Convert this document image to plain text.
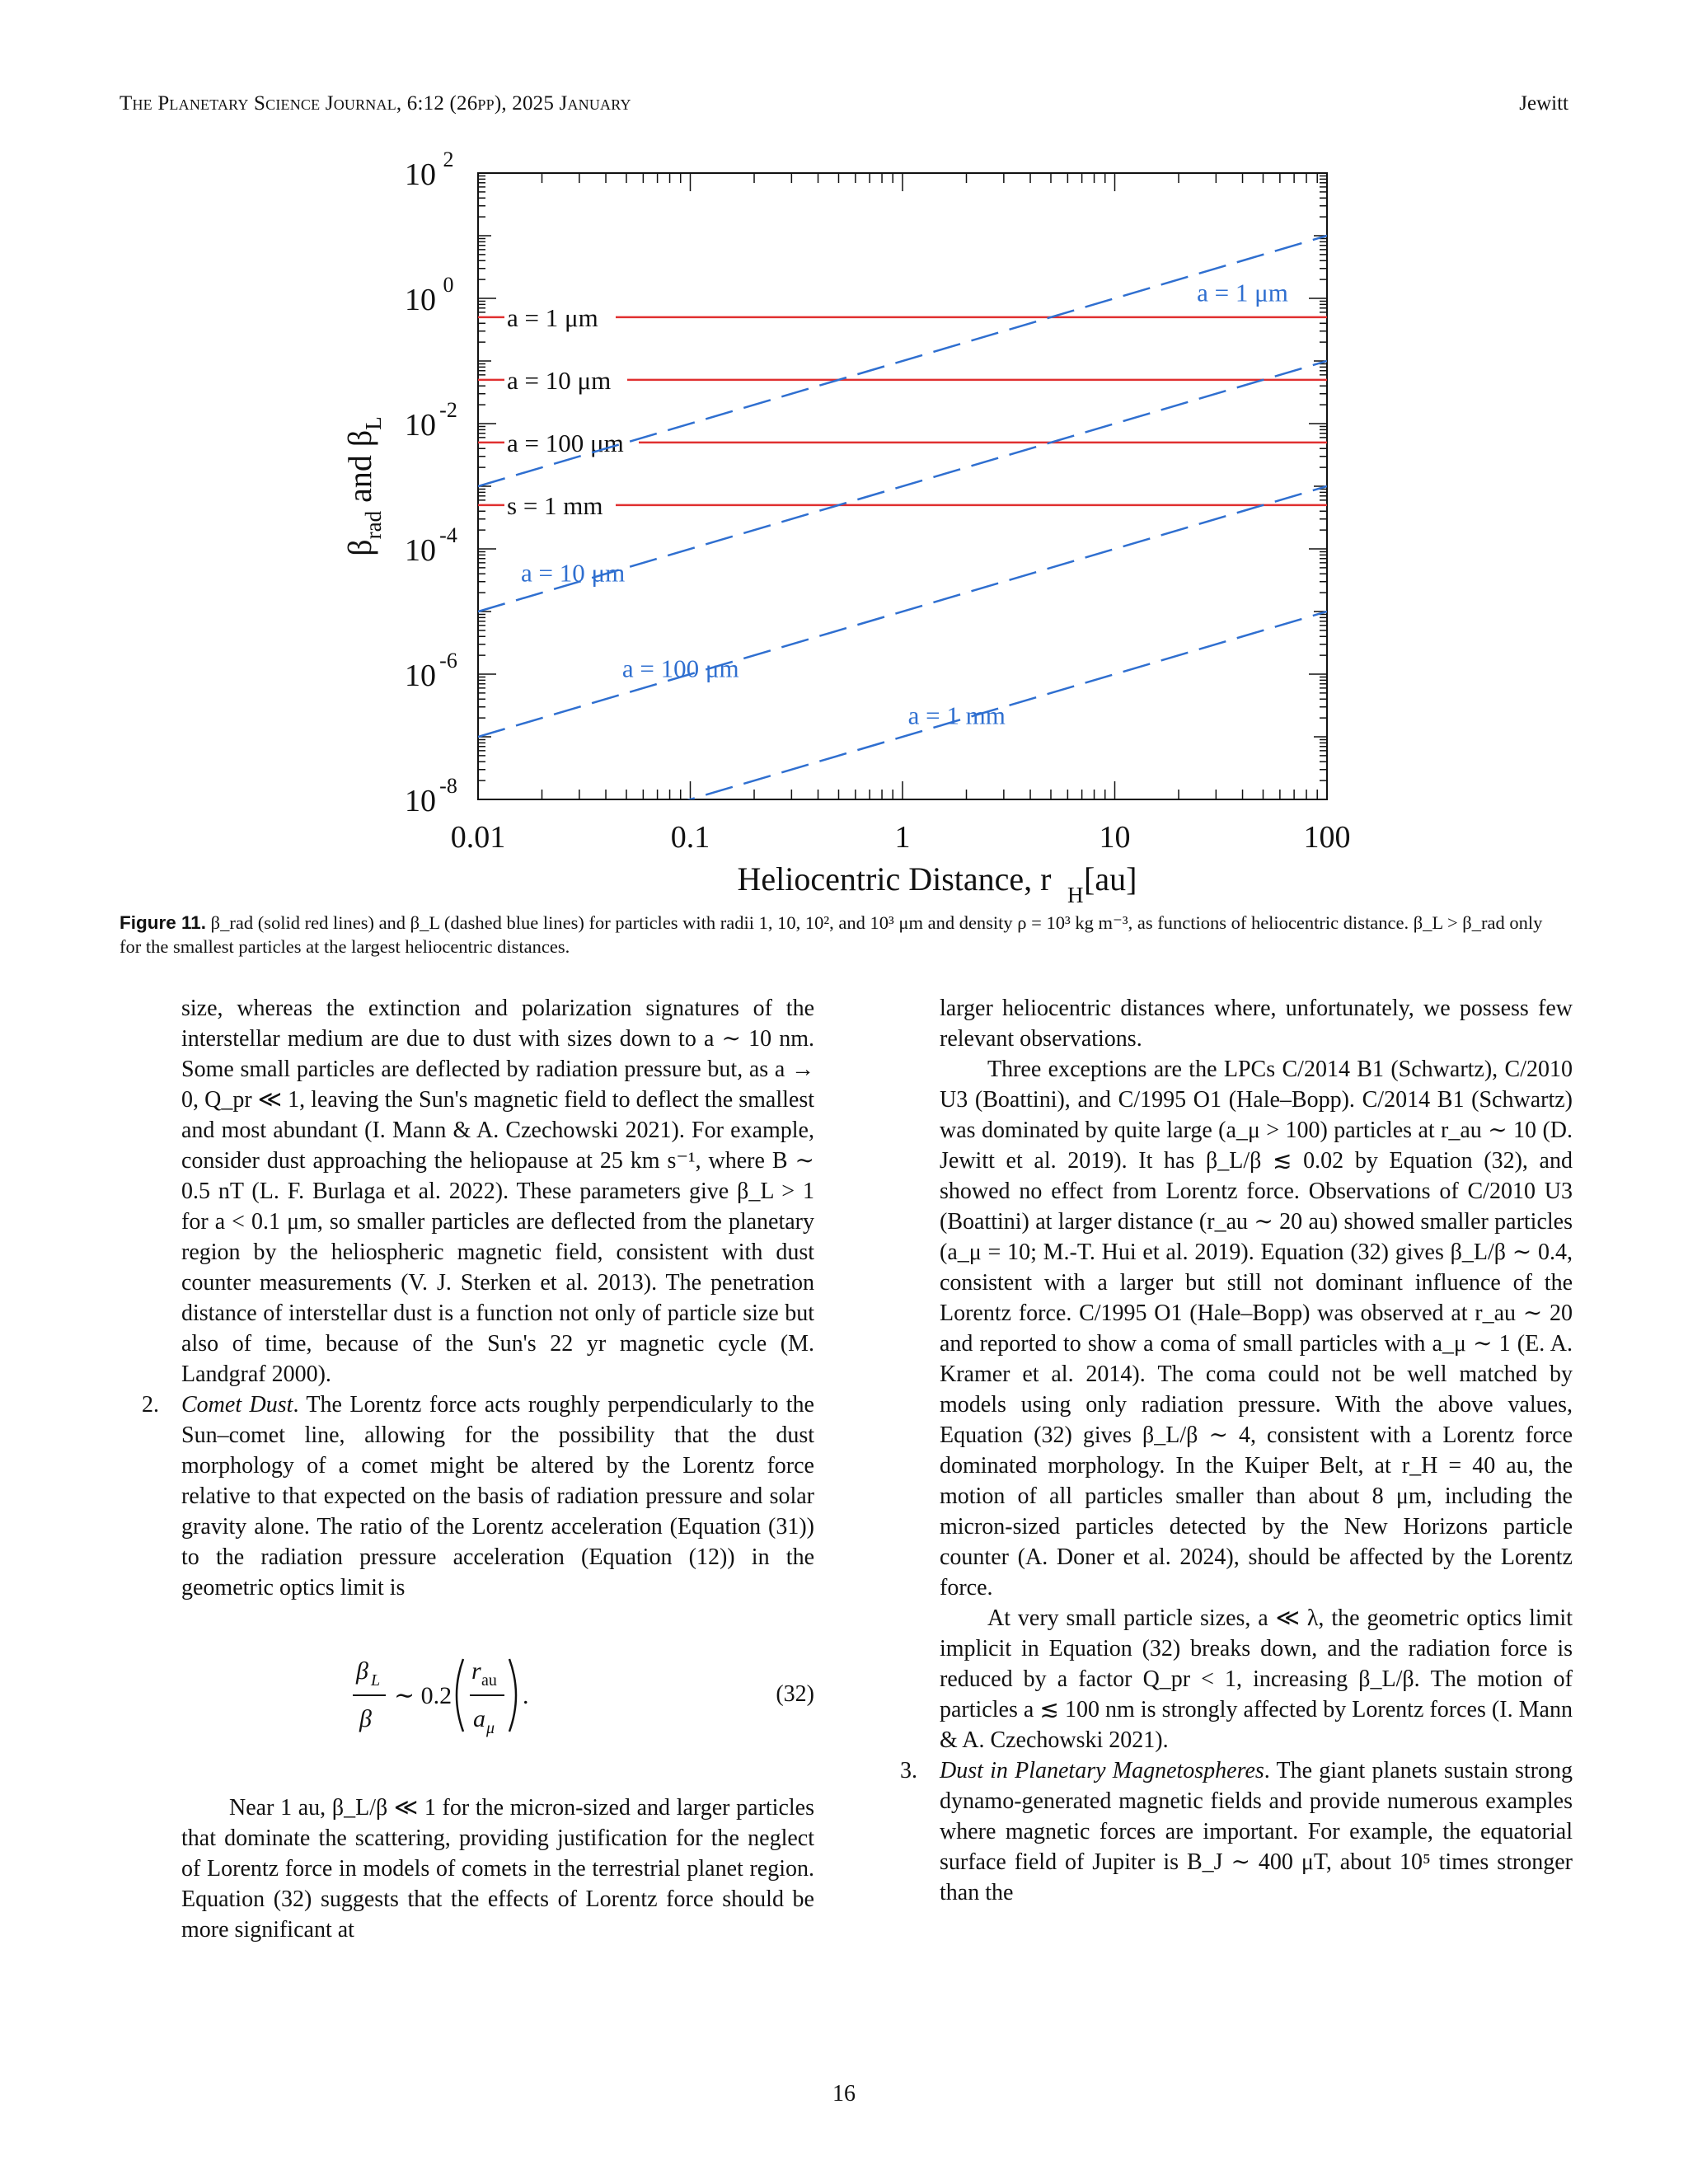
The Planetary Science Journal, 6:12 (26pp), 2025 January	Jewitt
0.01	0.1	1	10	100
10 2
10 0
10 -2
10 -4
10 -6
10 -8
Heliocentric Distance, r H [au]
$\beta_{rad}$ and $\beta_L$
a = 1 μm
a = 10 μm
a = 100 μm
s = 1 mm
a = 1 μm
a = 10 μm
a = 100 μm
a = 1 mm
Figure 11. β_rad (solid red lines) and β_L (dashed blue lines) for particles with radii 1, 10, 10², and 10³ μm and density ρ = 10³ kg m⁻³, as functions of heliocentric distance. β_L > β_rad only for the smallest particles at the largest heliocentric distances.

size, whereas the extinction and polarization signatures of the interstellar medium are due to dust with sizes down to a ∼ 10 nm. Some small particles are deflected by radiation pressure but, as a → 0, Q_pr ≪ 1, leaving the Sun's magnetic field to deflect the smallest and most abundant (I. Mann & A. Czechowski 2021). For example, consider dust approaching the heliopause at 25 km s⁻¹, where B ∼ 0.5 nT (L. F. Burlaga et al. 2022). These parameters give β_L > 1 for a < 0.1 μm, so smaller particles are deflected from the planetary region by the heliospheric magnetic field, consistent with dust counter measurements (V. J. Sterken et al. 2013). The penetration distance of interstellar dust is a function not only of particle size but also of time, because of the Sun's 22 yr magnetic cycle (M. Landgraf 2000).

2. Comet Dust. The Lorentz force acts roughly perpendicularly to the Sun–comet line, allowing for the possibility that the dust morphology of a comet might be altered by the Lorentz force relative to that expected on the basis of radiation pressure and solar gravity alone. The ratio of the Lorentz acceleration (Equation (31)) to the radiation pressure acceleration (Equation (12)) in the geometric optics limit is

β L
β
∼ 0.2
r au
a μ
.	(32)

Near 1 au, β_L/β ≪ 1 for the micron-sized and larger particles that dominate the scattering, providing justification for the neglect of Lorentz force in models of comets in the terrestrial planet region. Equation (32) suggests that the effects of Lorentz force should be more significant at

larger heliocentric distances where, unfortunately, we possess few relevant observations.

Three exceptions are the LPCs C/2014 B1 (Schwartz), C/2010 U3 (Boattini), and C/1995 O1 (Hale–Bopp). C/2014 B1 (Schwartz) was dominated by quite large (a_μ > 100) particles at r_au ∼ 10 (D. Jewitt et al. 2019). It has β_L/β ≲ 0.02 by Equation (32), and showed no effect from Lorentz force. Observations of C/2010 U3 (Boattini) at larger distance (r_au ∼ 20 au) showed smaller particles (a_μ = 10; M.-T. Hui et al. 2019). Equation (32) gives β_L/β ∼ 0.4, consistent with a larger but still not dominant influence of the Lorentz force. C/1995 O1 (Hale–Bopp) was observed at r_au ∼ 20 and reported to show a coma of small particles with a_μ ∼ 1 (E. A. Kramer et al. 2014). The coma could not be well matched by models using only radiation pressure. With the above values, Equation (32) gives β_L/β ∼ 4, consistent with a Lorentz force dominated morphology. In the Kuiper Belt, at r_H = 40 au, the motion of all particles smaller than about 8 μm, including the micron-sized particles detected by the New Horizons particle counter (A. Doner et al. 2024), should be affected by the Lorentz force.

At very small particle sizes, a ≪ λ, the geometric optics limit implicit in Equation (32) breaks down, and the radiation force is reduced by a factor Q_pr < 1, increasing β_L/β. The motion of particles a ≲ 100 nm is strongly affected by Lorentz forces (I. Mann & A. Czechowski 2021).

3. Dust in Planetary Magnetospheres. The giant planets sustain strong dynamo-generated magnetic fields and provide numerous examples where magnetic forces are important. For example, the equatorial surface field of Jupiter is B_J ∼ 400 μT, about 10⁵ times stronger than the

16
